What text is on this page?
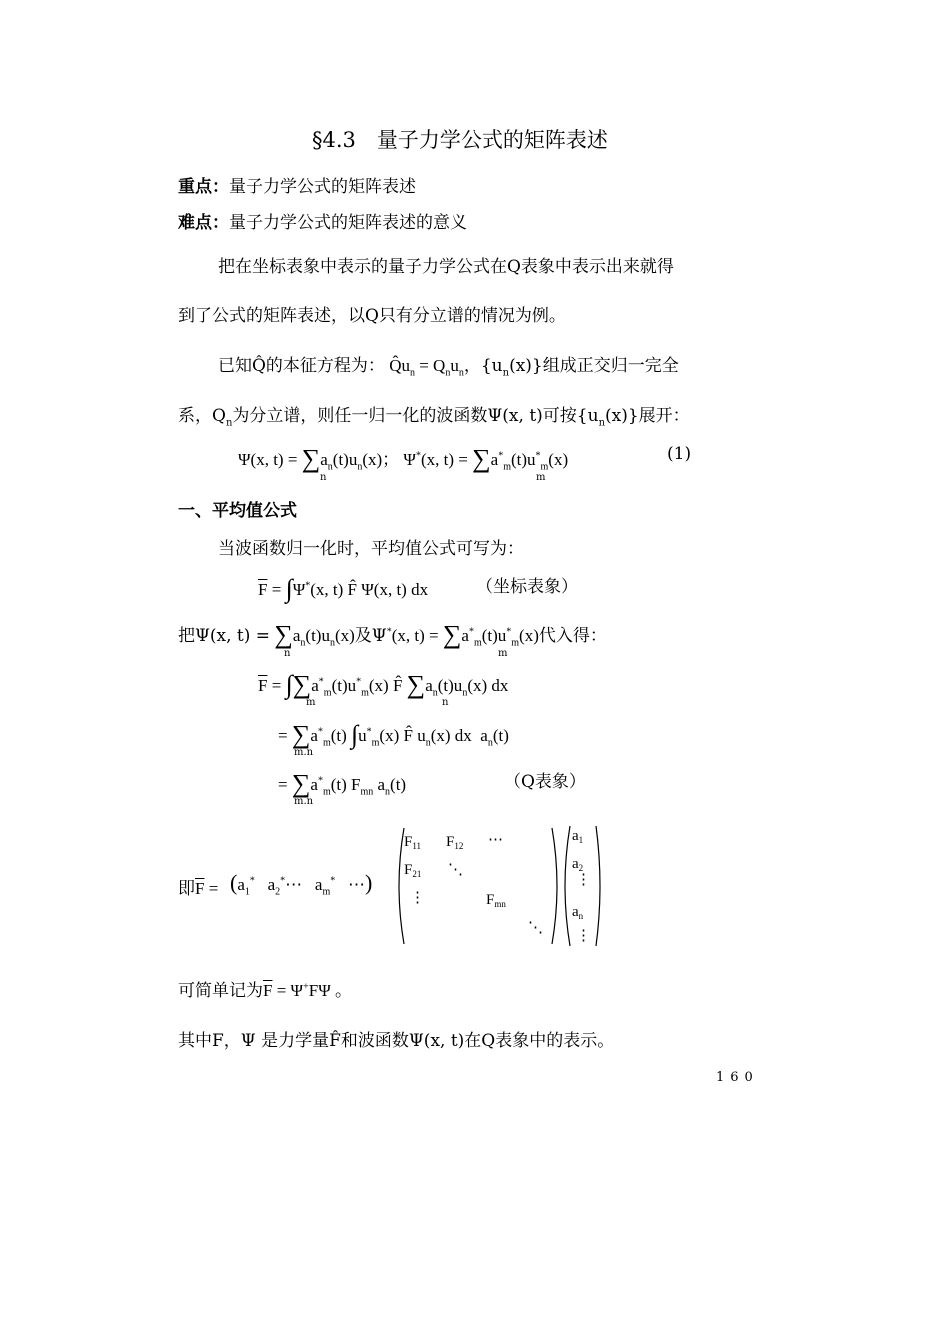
§4.3　量子力学公式的矩阵表述
重点：量子力学公式的矩阵表述
难点：量子力学公式的矩阵表述的意义
把在坐标表象中表示的量子力学公式在Q表象中表示出来就得
到了公式的矩阵表述，以Q只有分立谱的情况为例。
已知Q̂的本征方程为： $Q̂u_n = Q_nu_n$，$\{u_n(x)\}$组成正交归一完全
系，$Q_n$为分立谱，则任一归一化的波函数Ψ(x, t)可按$\{u_n(x)\}$展开：
Ψ(x, $t) = \sum a_n(t)u_n(x)$； Ψ*(x, $t) = \sum a^*_m(t)u^*_m(x)$
n	m
(1)
一、平均值公式
当波函数归一化时，平均值公式可写为：
$\overline{F} = \int\Psi^*(x$, t) F̂ Ψ(x, t) dx	（坐标表象）
把Ψ(x, $t) = \sum a_n(t)u_n(x)$及Ψ*(x, $t) = \sum a^*_m(t)u^*_m(x)$代入得：
n	m
$\overline{F} = \int\sum a^*_m(t)u^*_m(x)$ F̂ $\sum a_n(t)u_n(x)$ dx
m	n
= $\sum a^*_m(t)$ $\int u^*_m(x)$ F̂ $u_n(x)$ dx  $a_n(t)$
m.n
= $\sum a^*_m(t)$ $F_{mn}$ $a_n(t)$
m.n
（Q表象）
即$\overline{F} = (a_1^*$   $a_2^*\cdots$   $a_m^*$   ⋯)
$F_{11}$ $F_{12}$ ⋯
$F_{21}$ ⋱
⋮	$F_{mn}$
⋱
$a_1$
$a_2$
⋮
$a_n$
⋮
可简单记为$\overline{F} = \Psi^+F\Psi$ 。
其中F，Ψ 是力学量F̂和波函数Ψ(x, t)在Q表象中的表示。
160
